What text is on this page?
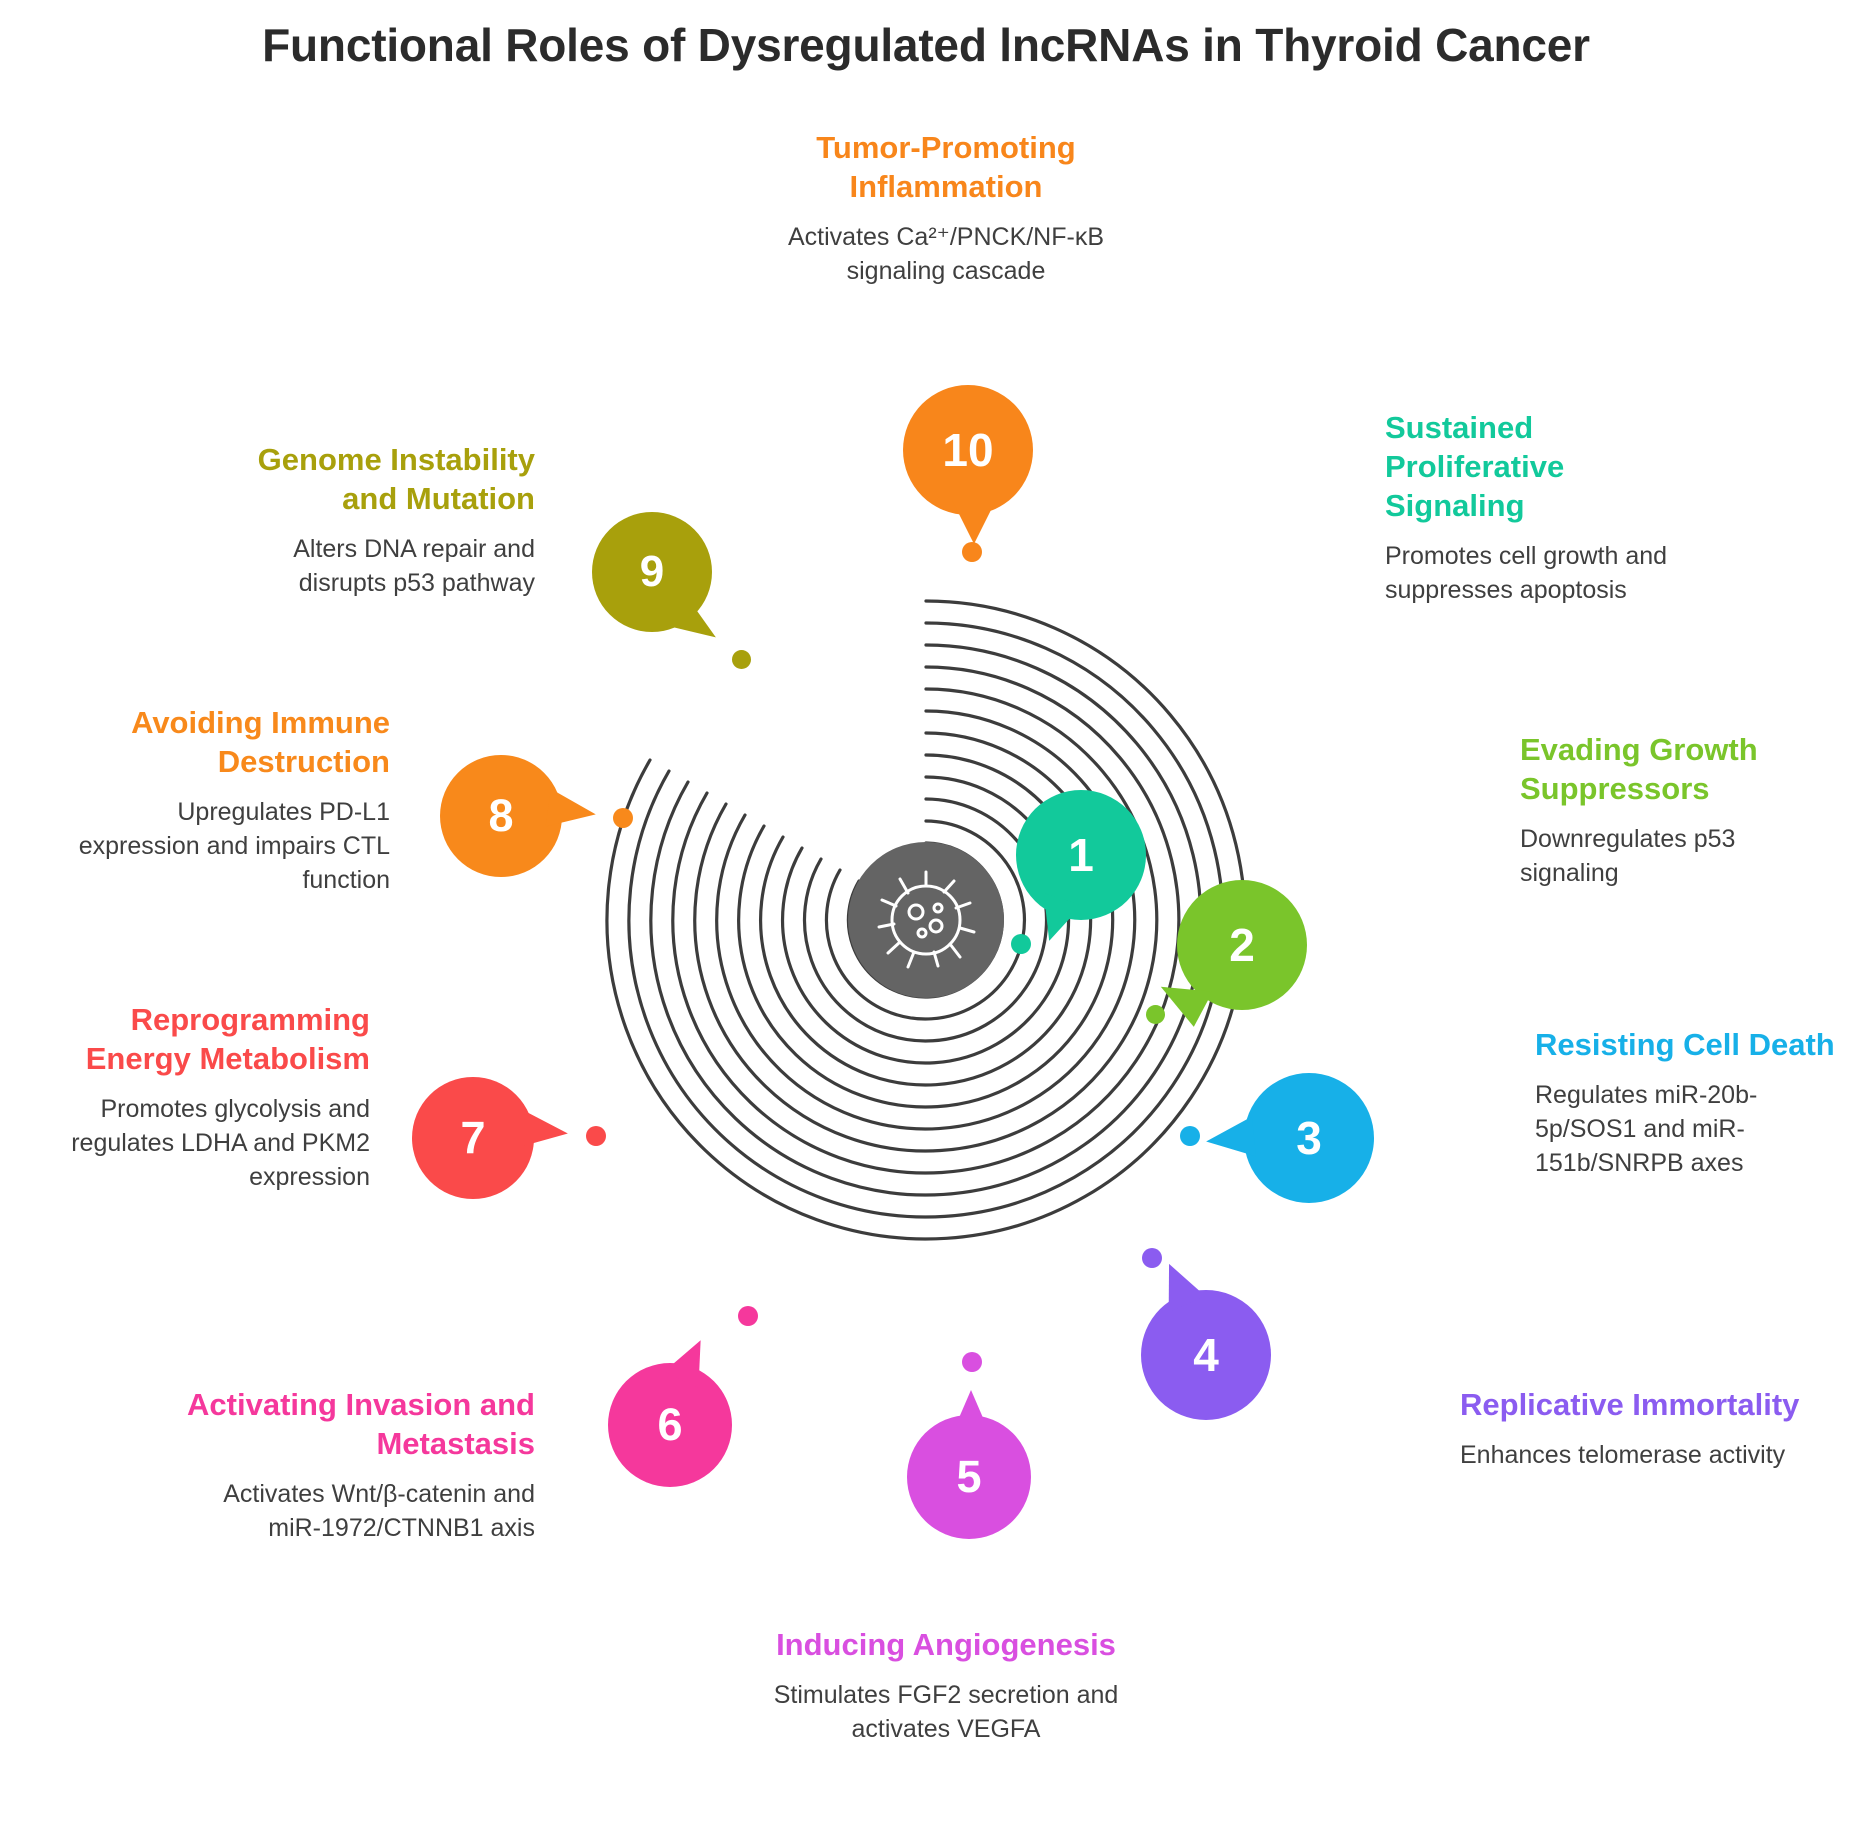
Functional Roles of Dysregulated lncRNAs in Thyroid Cancer
10
9
8
7
6
5
4
3
2
1
Tumor-Promoting Inflammation
Activates Ca²⁺/PNCK/NF-κB signaling cascade
Genome Instability and Mutation
Alters DNA repair and disrupts p53 pathway
Avoiding Immune Destruction
Upregulates PD-L1 expression and impairs CTL function
Reprogramming Energy Metabolism
Promotes glycolysis and regulates LDHA and PKM2 expression
Activating Invasion and Metastasis
Activates Wnt/β-catenin and miR-1972/CTNNB1 axis
Inducing Angiogenesis
Stimulates FGF2 secretion and activates VEGFA
Replicative Immortality
Enhances telomerase activity
Resisting Cell Death
Regulates miR-20b-5p/SOS1 and miR-151b/SNRPB axes
Evading Growth Suppressors
Downregulates p53 signaling
Sustained Proliferative Signaling
Promotes cell growth and suppresses apoptosis
